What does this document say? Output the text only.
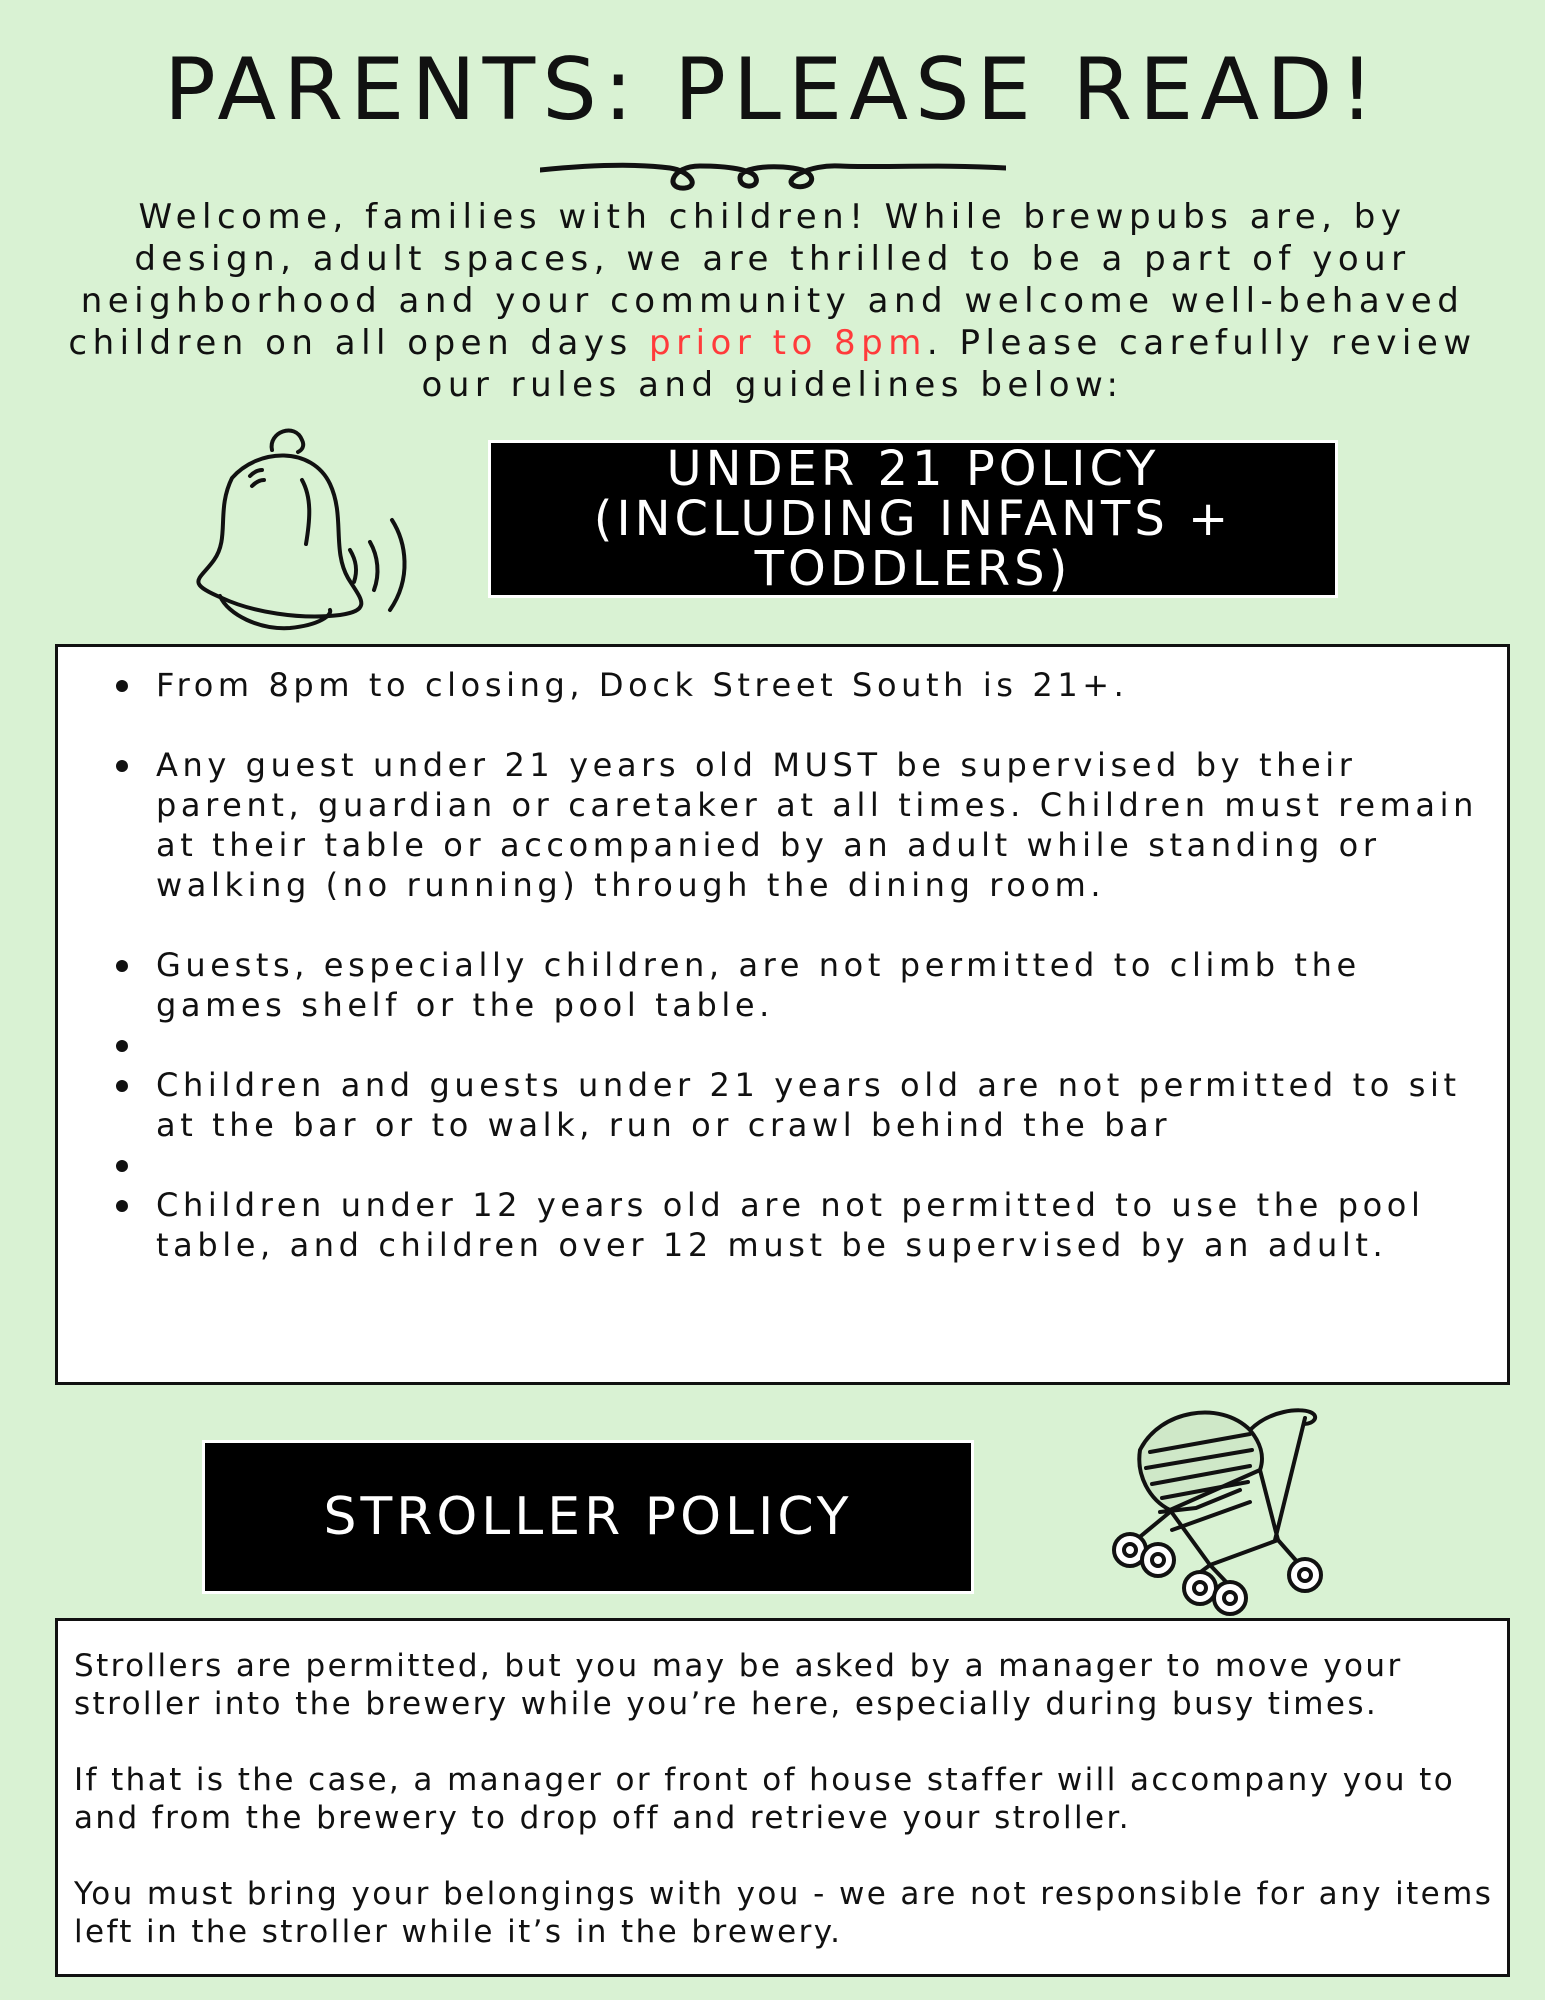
PARENTS: PLEASE READ!

Welcome, families with children! While brewpubs are, by design, adult spaces, we are thrilled to be a part of your neighborhood and your community and welcome well-behaved children on all open days prior to 8pm. Please carefully review our rules and guidelines below:

UNDER 21 POLICY
(INCLUDING INFANTS +
TODDLERS)
From 8pm to closing, Dock Street South is 21+.
Any guest under 21 years old MUST be supervised by their parent, guardian or caretaker at all times. Children must remain at their table or accompanied by an adult while standing or walking (no running) through the dining room.
Guests, especially children, are not permitted to climb the games shelf or the pool table.
Children and guests under 21 years old are not permitted to sit at the bar or to walk, run or crawl behind the bar
Children under 12 years old are not permitted to use the pool table, and children over 12 must be supervised by an adult.
STROLLER POLICY

Strollers are permitted, but you may be asked by a manager to move your stroller into the brewery while you’re here, especially during busy times.

If that is the case, a manager or front of house staffer will accompany you to and from the brewery to drop off and retrieve your stroller.

You must bring your belongings with you - we are not responsible for any items left in the stroller while it’s in the brewery.
